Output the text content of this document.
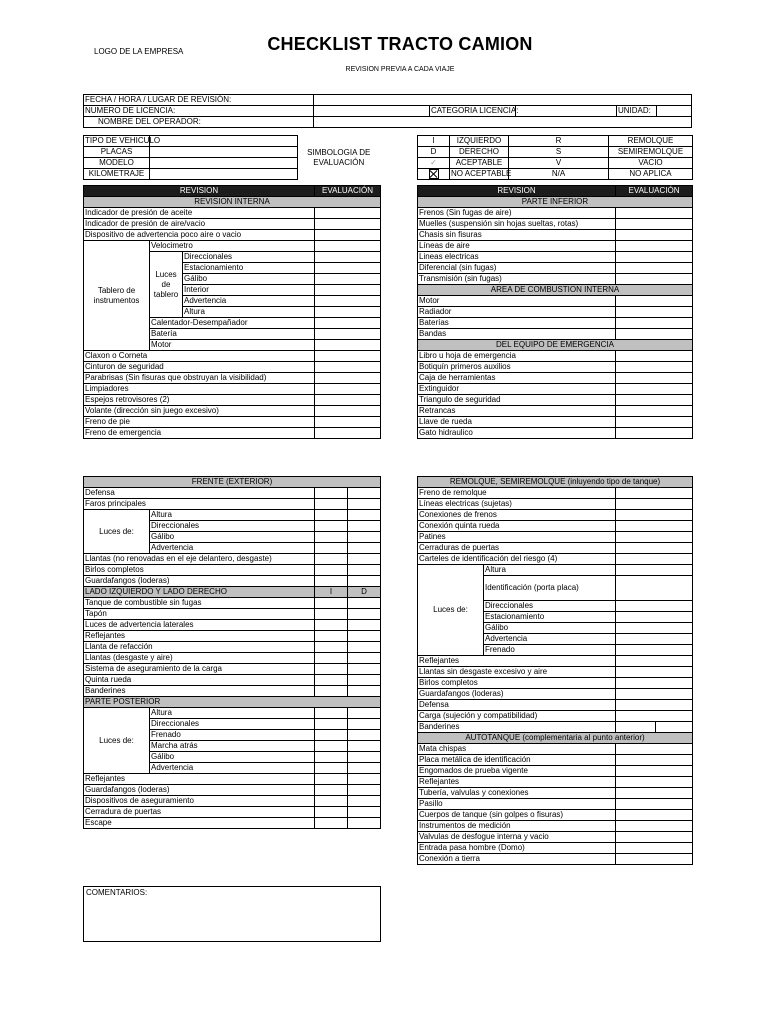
LOGO DE LA EMPRESA	CHECKLIST TRACTO CAMION
REVISION PREVIA A CADA VIAJE
FECHA / HORA / LUGAR DE REVISIÓN:					
NUMERO DE LICENCIA:		CATEGORIA LICENCIA:		UNIDAD:	
NOMBRE DEL OPERADOR:					
TIPO DE VEHICULO		SIMBOLOGIA DE EVALUACIÓN
PLACAS		
MODELO		
KILOMETRAJE		
I	IZQUIERDO	R	REMOLQUE
D	DERECHO	S	SEMIREMOLQUE
✓	ACEPTABLE	V	VACIO
	NO ACEPTABLE	N/A	NO APLICA
REVISION			EVALUACIÓN
REVISION INTERNA			
Indicador de presión de aceite			
Indicador de presión de aire/vacio			
Dispositivo de advertencia poco aire o vacio			
Tablero de instrumentos	Velocimetro		
	Luces de tablero	Direccionales	
		Estacionamiento	
		Gálibo	
		Interior	
		Advertencia	
		Altura	
	Calentador-Desempañador		
	Batería		
	Motor		
Claxon o Corneta			
Cinturon de seguridad			
Parabrisas (Sin fisuras que obstruyan la visibilidad)			
Limpiadores			
Espejos retrovisores (2)			
Volante (dirección sin juego excesivo)			
Freno de pie			
Freno de emergencia			
FRENTE (EXTERIOR)			
Defensa			
Faros principales			
Luces de:	Altura		
	Direccionales		
	Gálibo		
	Advertencia		
Llantas (no renovadas en el eje delantero, desgaste)			
Birlos completos			
Guardafangos (loderas)			
LADO IZQUIERDO Y LADO DERECHO		I	D
Tanque de combustible sin fugas			
Tapón			
Luces de advertencia laterales			
Reflejantes			
Llanta de refacción			
Llantas (desgaste y aire)			
Sistema de aseguramiento de la carga			
Quinta rueda			
Banderines			
PARTE POSTERIOR			
Luces de:	Altura		
	Direccionales		
	Frenado		
	Marcha atrás		
	Gálibo		
	Advertencia		
Reflejantes			
Guardafangos (loderas)			
Dispositivos de aseguramiento			
Cerradura de puertas			
Escape			
COMENTARIOS:
REVISION	EVALUACIÓN
PARTE INFERIOR	
Frenos (Sin fugas de aire)	
Muelles (suspensión sin hojas sueltas, rotas)	
Chasis sin fisuras	
Líneas de aire	
Lineas electricas	
Diferencial (sin fugas)	
Transmisión (sin fugas)	
AREA DE COMBUSTION INTERNA	
Motor	
Radiador	
Baterías	
Bandas	
DEL EQUIPO DE EMERGENCIA	
Libro u hoja de emergencia	
Botiquín primeros auxilios	
Caja de herramientas	
Extinguidor	
Triangulo de seguridad	
Retrancas	
Llave de rueda	
Gato hidraulico	
REMOLQUE, SEMIREMOLQUE (inluyendo tipo de tanque)			
Freno de remolque			
Líneas electricas (sujetas)			
Conexiones de frenos			
Conexión quinta rueda			
Patines			
Cerraduras de puertas			
Carteles de identificación del riesgo (4)			
Luces de:	Altura		
	Identificación (porta placa)		
	Direccionales		
	Estacionamiento		
	Gálibo		
	Advertencia		
	Frenado		
Reflejantes			
Llantas sin desgaste excesivo y aire			
Birlos completos			
Guardafangos (loderas)			
Defensa			
Carga (sujeción y compatibilidad)			
Banderines			
AUTOTANQUE (complementaria al punto anterior)			
Mata chispas			
Placa metálica de identificación			
Engomados de prueba vigente			
Reflejantes			
Tubería, valvulas y conexiones			
Pasillo			
Cuerpos de tanque (sin golpes o fisuras)			
Instrumentos de medición			
Valvulas de desfogue interna y vacio			
Entrada pasa hombre (Domo)			
Conexión a tierra			
